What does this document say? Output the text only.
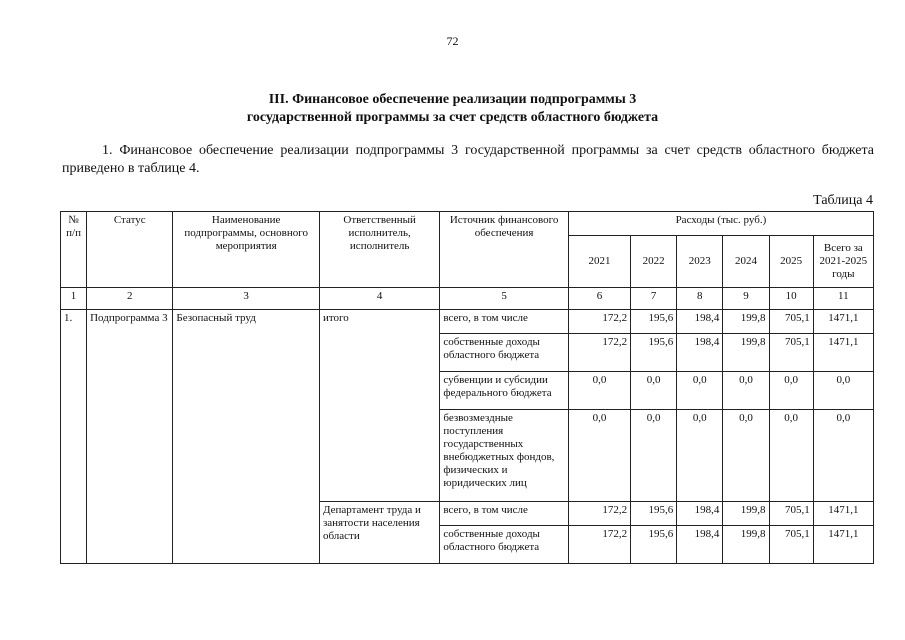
72
III. Финансовое обеспечение реализации подпрограммы 3
государственной программы за счет средств областного бюджета
1. Финансовое обеспечение реализации подпрограммы 3 государственной программы за счет средств областного бюджета приведено в таблице 4.
Таблица 4
№ п/п	Статус	Наименование подпрограммы, основного мероприятия	Ответственный исполнитель, исполнитель	Источник финансового обеспечения	Расходы (тыс. руб.)					
					2021	2022	2023	2024	2025	Всего за 2021-2025 годы
1	2	3	4	5	6	7	8	9	10	11
1.	Подпрограмма 3	Безопасный труд	итого	всего, в том числе	172,2	195,6	198,4	199,8	705,1	1471,1
				собственные доходы областного бюджета	172,2	195,6	198,4	199,8	705,1	1471,1
				субвенции и субсидии федерального бюджета	0,0	0,0	0,0	0,0	0,0	0,0
				безвозмездные поступления государственных внебюджетных фондов, физических и юридических лиц	0,0	0,0	0,0	0,0	0,0	0,0
			Департамент труда и занятости населения области	всего, в том числе	172,2	195,6	198,4	199,8	705,1	1471,1
				собственные доходы областного бюджета	172,2	195,6	198,4	199,8	705,1	1471,1
